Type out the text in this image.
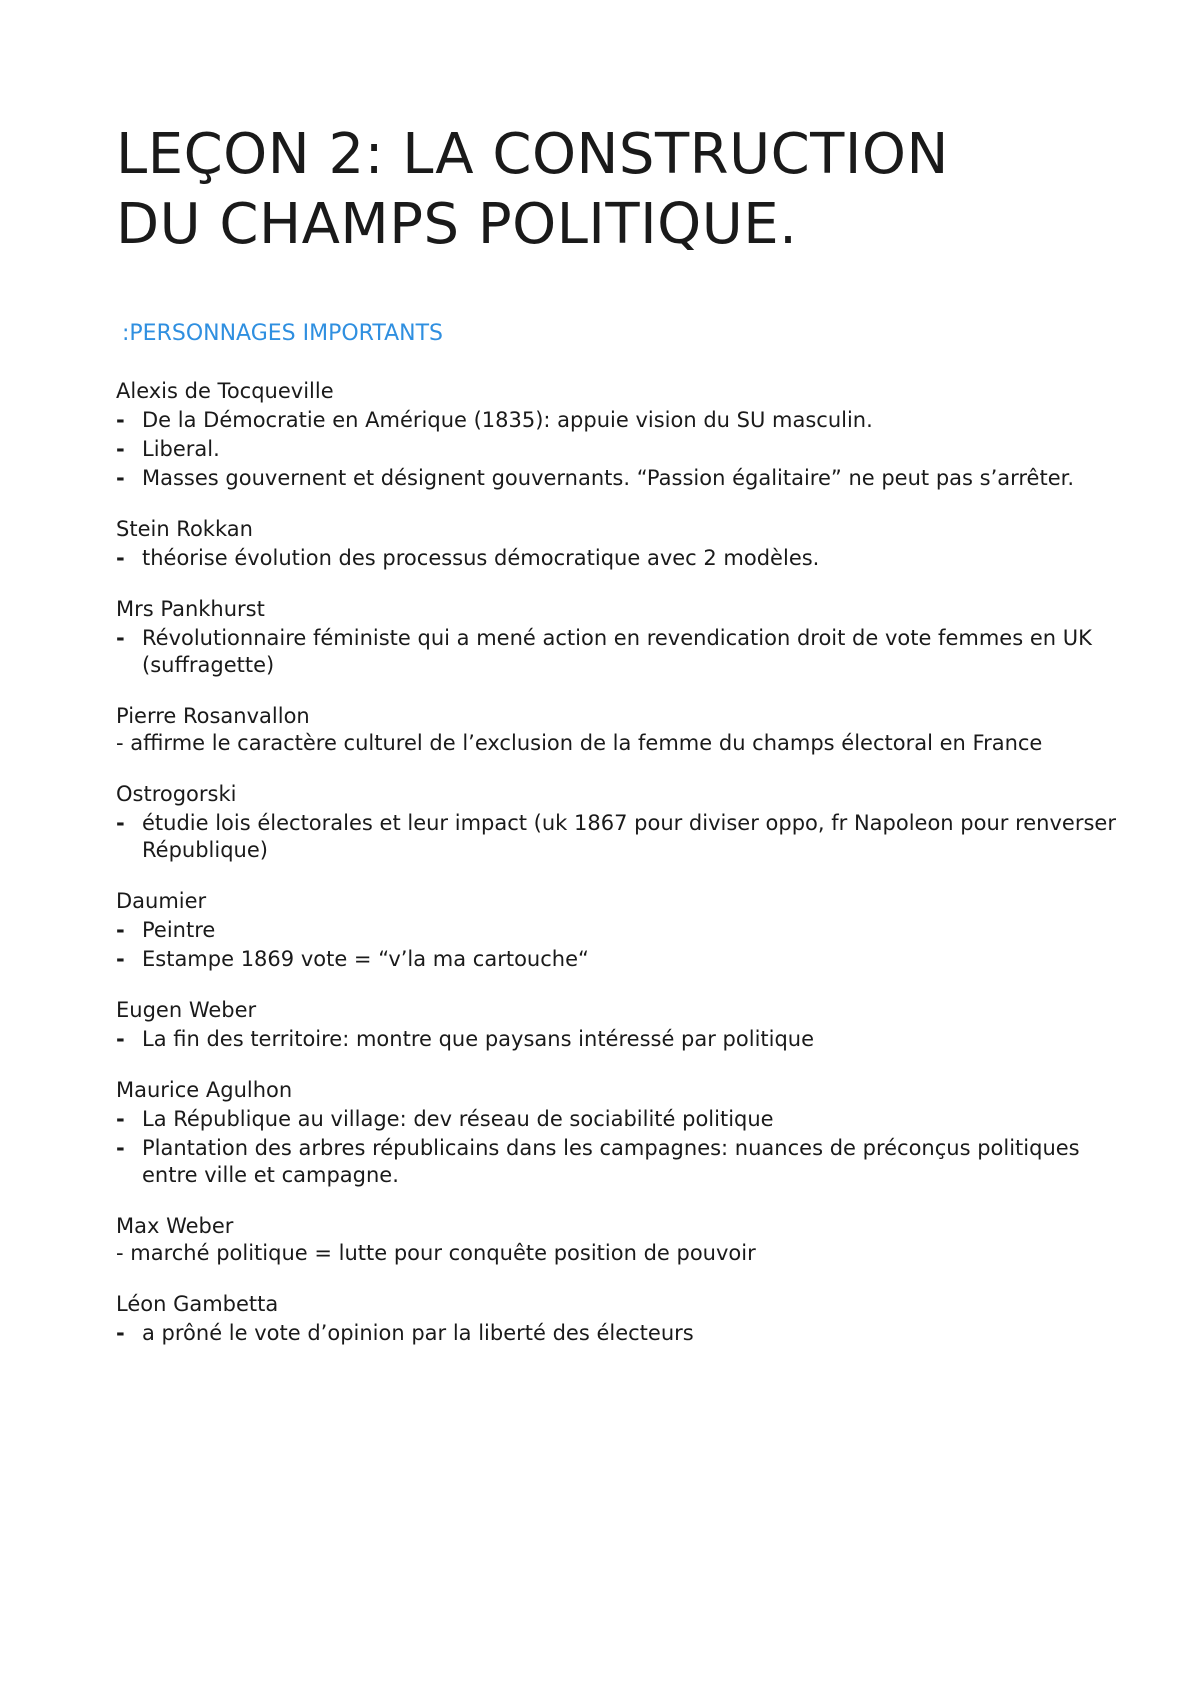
LEÇON 2: LA CONSTRUCTION
DU CHAMPS POLITIQUE.

:PERSONNAGES IMPORTANTS

Alexis de Tocqueville

- De la Démocratie en Amérique (1835): appuie vision du SU masculin.
- Liberal.
- Masses gouvernent et désignent gouvernants. “Passion égalitaire” ne peut pas s’arrêter.

Stein Rokkan

- théorise évolution des processus démocratique avec 2 modèles.

Mrs Pankhurst

- Révolutionnaire féministe qui a mené action en revendication droit de vote femmes en UK (suffragette)

Pierre Rosanvallon

- affirme le caractère culturel de l’exclusion de la femme du champs électoral en France

Ostrogorski

- étudie lois électorales et leur impact (uk 1867 pour diviser oppo, fr Napoleon pour renverser République)

Daumier

- Peintre
- Estampe 1869 vote = “v’la ma cartouche“

Eugen Weber

- La fin des territoire: montre que paysans intéressé par politique

Maurice Agulhon

- La République au village: dev réseau de sociabilité politique
- Plantation des arbres républicains dans les campagnes: nuances de préconçus politiques entre ville et campagne.

Max Weber

- marché politique = lutte pour conquête position de pouvoir

Léon Gambetta

- a prôné le vote d’opinion par la liberté des électeurs
